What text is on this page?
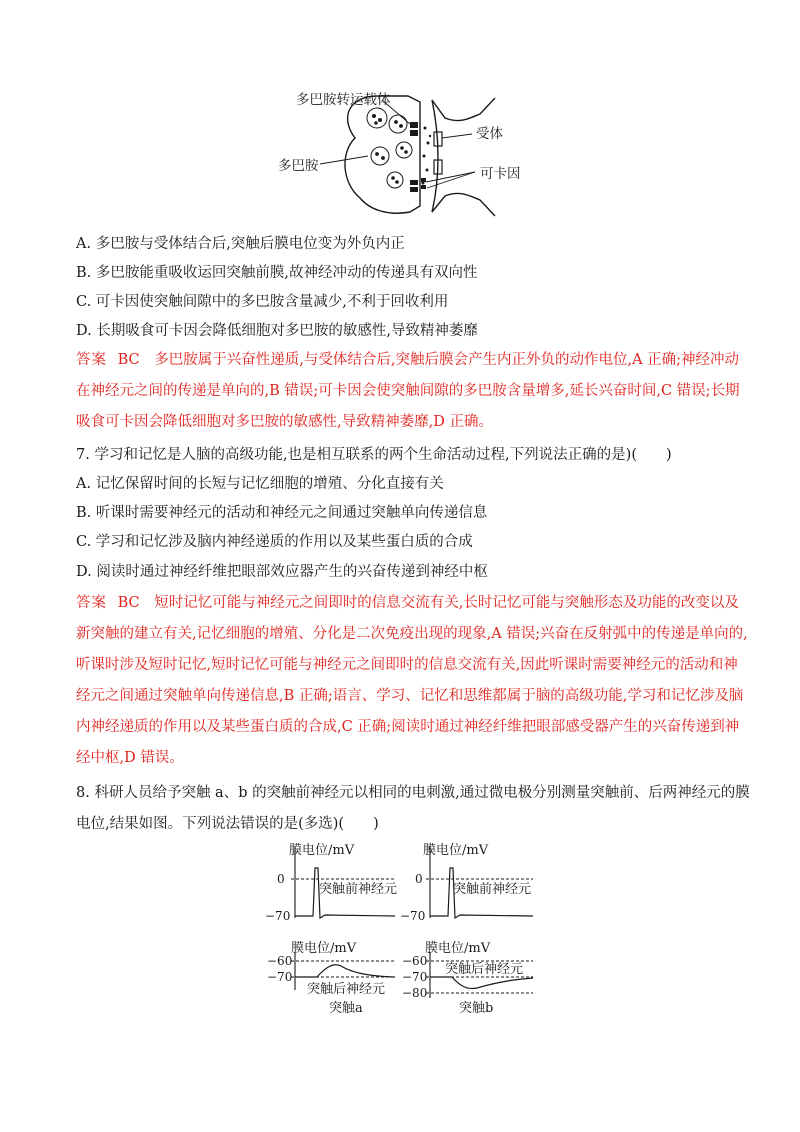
多巴胺转运载体
受体
多巴胺	可卡因
A. 多巴胺与受体结合后,突触后膜电位变为外负内正
B. 多巴胺能重吸收运回突触前膜,故神经冲动的传递具有双向性
C. 可卡因使突触间隙中的多巴胺含量减少,不利于回收利用
D. 长期吸食可卡因会降低细胞对多巴胺的敏感性,导致精神萎靡
答案 BC 多巴胺属于兴奋性递质,与受体结合后,突触后膜会产生内正外负的动作电位,A 正确;神经冲动
在神经元之间的传递是单向的,B 错误;可卡因会使突触间隙的多巴胺含量增多,延长兴奋时间,C 错误;长期
吸食可卡因会降低细胞对多巴胺的敏感性,导致精神萎靡,D 正确。
7. 学习和记忆是人脑的高级功能,也是相互联系的两个生命活动过程,下列说法正确的是)(　　)
A. 记忆保留时间的长短与记忆细胞的增殖、分化直接有关
B. 听课时需要神经元的活动和神经元之间通过突触单向传递信息
C. 学习和记忆涉及脑内神经递质的作用以及某些蛋白质的合成
D. 阅读时通过神经纤维把眼部效应器产生的兴奋传递到神经中枢
答案 BC 短时记忆可能与神经元之间即时的信息交流有关,长时记忆可能与突触形态及功能的改变以及
新突触的建立有关,记忆细胞的增殖、分化是二次免疫出现的现象,A 错误;兴奋在反射弧中的传递是单向的,
听课时涉及短时记忆,短时记忆可能与神经元之间即时的信息交流有关,因此听课时需要神经元的活动和神
经元之间通过突触单向传递信息,B 正确;语言、学习、记忆和思维都属于脑的高级功能,学习和记忆涉及脑
内神经递质的作用以及某些蛋白质的合成,C 正确;阅读时通过神经纤维把眼部感受器产生的兴奋传递到神
经中枢,D 错误。
8. 科研人员给予突触 a、b 的突触前神经元以相同的电刺激,通过微电极分别测量突触前、后两神经元的膜
电位,结果如图。下列说法错误的是(多选)(　　)
膜电位/mV
0
−70
突触前神经元
膜电位/mV
0
−70
突触前神经元
膜电位/mV
−60
−70
突触后神经元
突触a
膜电位/mV
−60
−70
−80
突触后神经元
突触b
